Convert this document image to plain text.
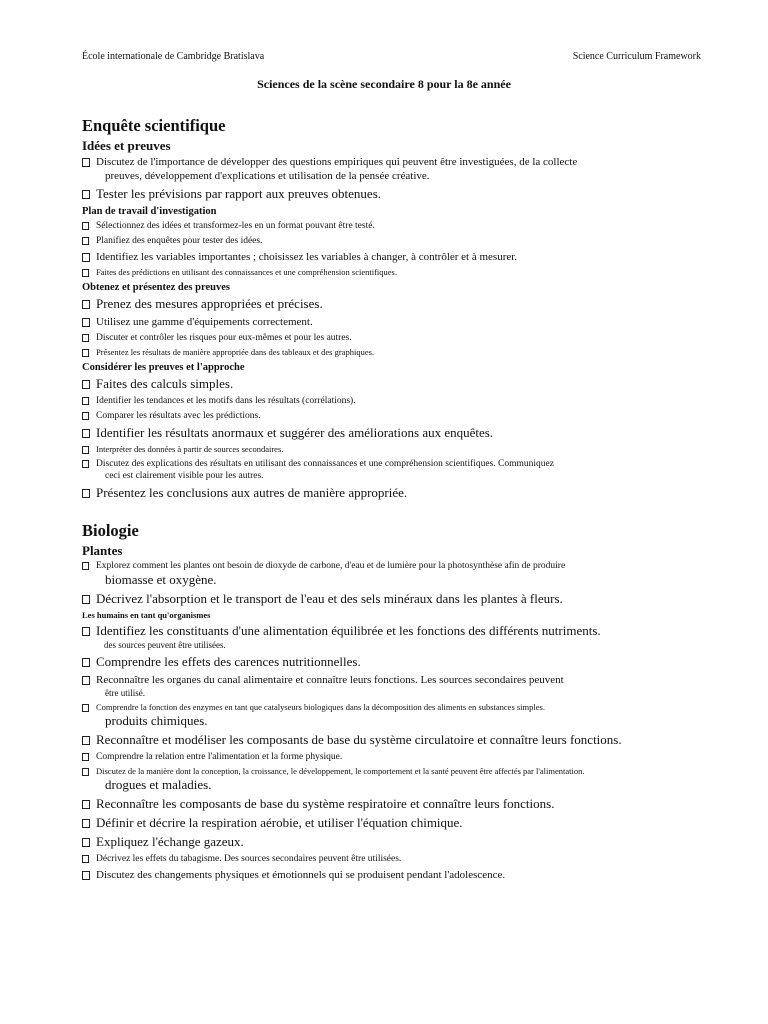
École internationale de Cambridge Bratislava	Science Curriculum Framework
Sciences de la scène secondaire 8 pour la 8e année
Enquête scientifique
Idées et preuves
Discutez de l'importance de développer des questions empiriques qui peuvent être investiguées, de la collecte
preuves, développement d'explications et utilisation de la pensée créative.
Tester les prévisions par rapport aux preuves obtenues.
Plan de travail d'investigation
Sélectionnez des idées et transformez-les en un format pouvant être testé.
Planifiez des enquêtes pour tester des idées.
Identifiez les variables importantes ; choisissez les variables à changer, à contrôler et à mesurer.
Faites des prédictions en utilisant des connaissances et une compréhension scientifiques.
Obtenez et présentez des preuves
Prenez des mesures appropriées et précises.
Utilisez une gamme d'équipements correctement.
Discuter et contrôler les risques pour eux-mêmes et pour les autres.
Présentez les résultats de manière appropriée dans des tableaux et des graphiques.
Considérer les preuves et l'approche
Faites des calculs simples.
Identifier les tendances et les motifs dans les résultats (corrélations).
Comparer les résultats avec les prédictions.
Identifier les résultats anormaux et suggérer des améliorations aux enquêtes.
Interpréter des données à partir de sources secondaires.
Discutez des explications des résultats en utilisant des connaissances et une compréhension scientifiques. Communiquez
ceci est clairement visible pour les autres.
Présentez les conclusions aux autres de manière appropriée.
Biologie
Plantes
Explorez comment les plantes ont besoin de dioxyde de carbone, d'eau et de lumière pour la photosynthèse afin de produire
biomasse et oxygène.
Décrivez l'absorption et le transport de l'eau et des sels minéraux dans les plantes à fleurs.
Les humains en tant qu'organismes
Identifiez les constituants d'une alimentation équilibrée et les fonctions des différents nutriments.
des sources peuvent être utilisées.
Comprendre les effets des carences nutritionnelles.
Reconnaître les organes du canal alimentaire et connaître leurs fonctions. Les sources secondaires peuvent
être utilisé.
Comprendre la fonction des enzymes en tant que catalyseurs biologiques dans la décomposition des aliments en substances simples.
produits chimiques.
Reconnaître et modéliser les composants de base du système circulatoire et connaître leurs fonctions.
Comprendre la relation entre l'alimentation et la forme physique.
Discutez de la manière dont la conception, la croissance, le développement, le comportement et la santé peuvent être affectés par l'alimentation.
drogues et maladies.
Reconnaître les composants de base du système respiratoire et connaître leurs fonctions.
Définir et décrire la respiration aérobie, et utiliser l'équation chimique.
Expliquez l'échange gazeux.
Décrivez les effets du tabagisme. Des sources secondaires peuvent être utilisées.
Discutez des changements physiques et émotionnels qui se produisent pendant l'adolescence.
